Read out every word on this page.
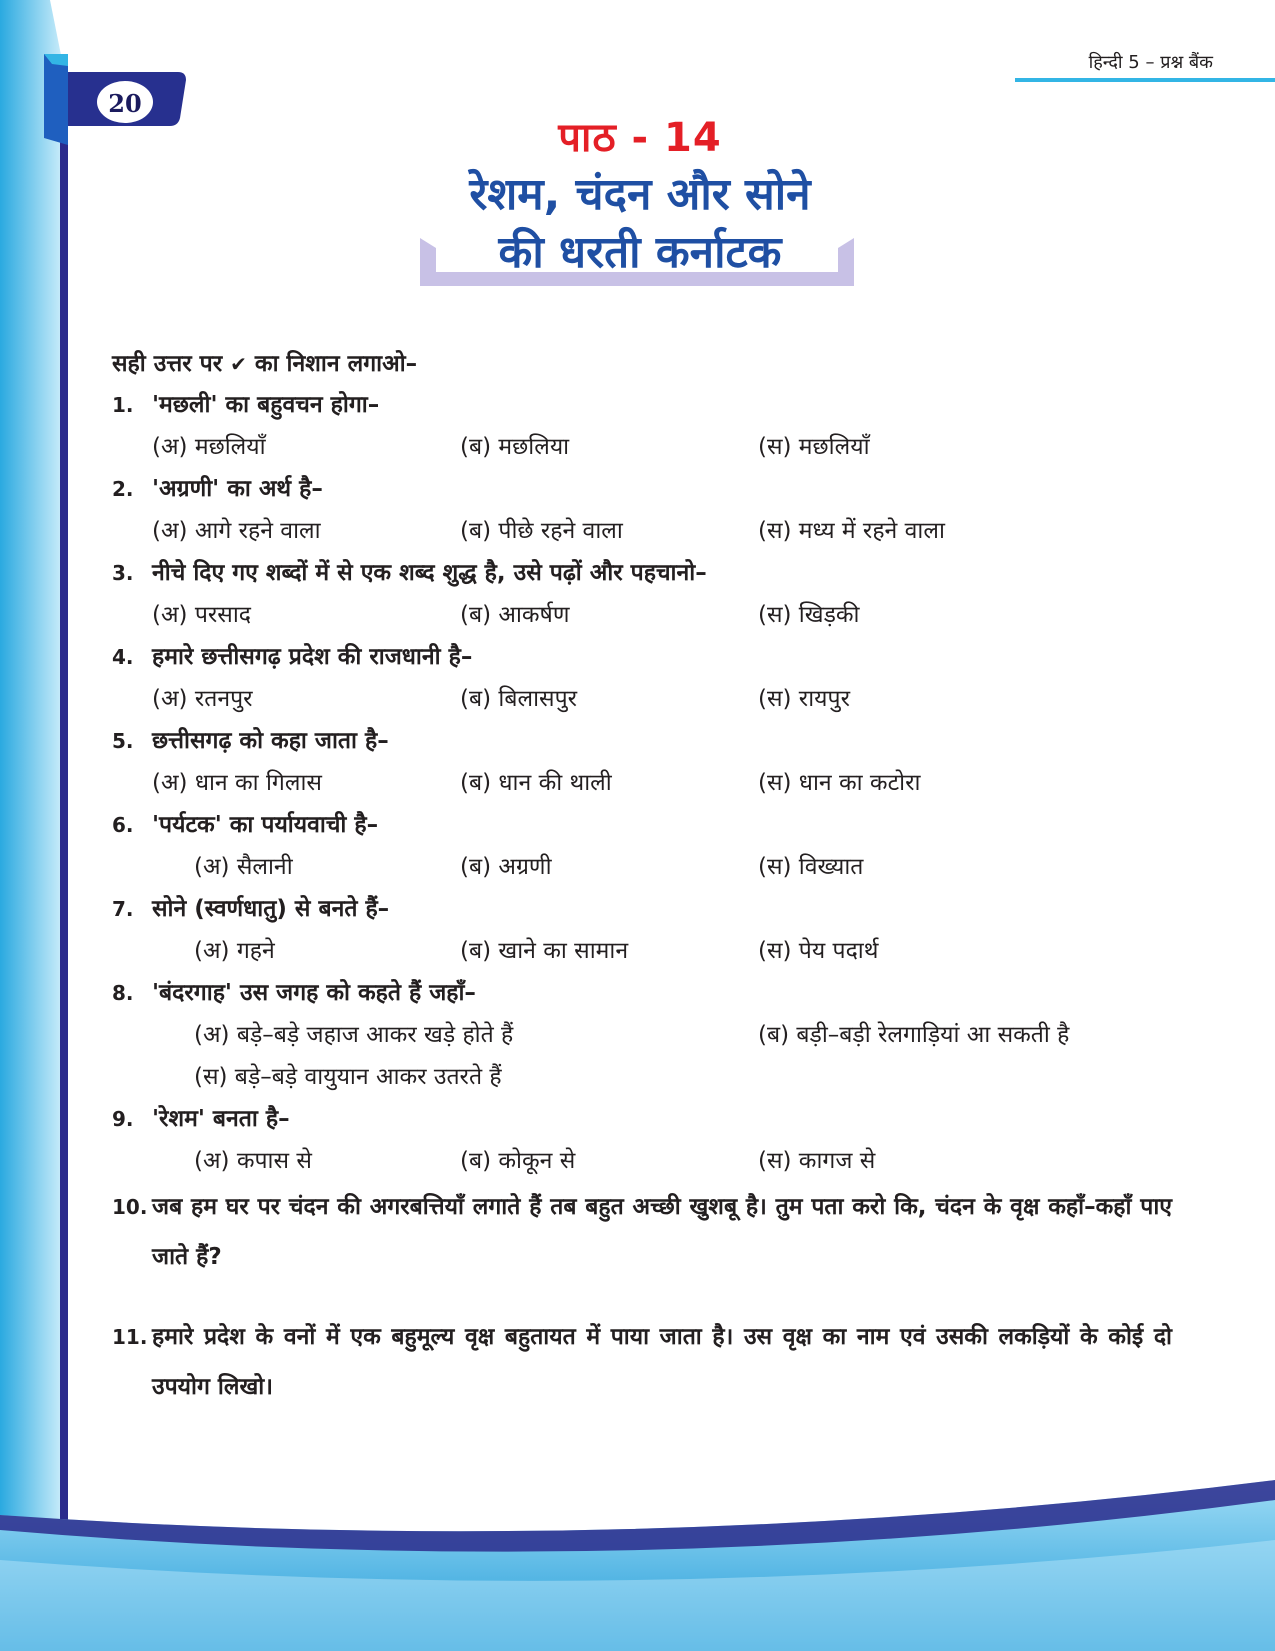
हिन्दी 5 – प्रश्न बैंक
20
पाठ - 14
रेशम, चंदन और सोने
की धरती कर्नाटक
सही उत्तर पर ✔ का निशान लगाओ–
1. 'मछली' का बहुवचन होगा–
(अ) मछलियाँ	(ब) मछलिया	(स) मछलियाँ
2. 'अग्रणी' का अर्थ है–
(अ) आगे रहने वाला	(ब) पीछे रहने वाला	(स) मध्य में रहने वाला
3. नीचे दिए गए शब्दों में से एक शब्द शुद्ध है, उसे पढ़ों और पहचानो–
(अ) परसाद	(ब) आकर्षण	(स) खिड़की
4. हमारे छत्तीसगढ़ प्रदेश की राजधानी है–
(अ) रतनपुर	(ब) बिलासपुर	(स) रायपुर
5. छत्तीसगढ़ को कहा जाता है–
(अ) धान का गिलास	(ब) धान की थाली	(स) धान का कटोरा
6. 'पर्यटक' का पर्यायवाची है–
(अ) सैलानी	(ब) अग्रणी	(स) विख्यात
7. सोने (स्वर्णधातु) से बनते हैं–
(अ) गहने	(ब) खाने का सामान	(स) पेय पदार्थ
8. 'बंदरगाह' उस जगह को कहते हैं जहाँ–
(अ) बड़े–बड़े जहाज आकर खड़े होते हैं	(ब) बड़ी–बड़ी रेलगाड़ियां आ सकती है
(स) बड़े–बड़े वायुयान आकर उतरते हैं
9. 'रेशम' बनता है–
(अ) कपास से	(ब) कोकून से	(स) कागज से
10. जब हम घर पर चंदन की अगरबत्तियाँ लगाते हैं तब बहुत अच्छी खुशबू है। तुम पता करो कि, चंदन के वृक्ष कहाँ–कहाँ पाए जाते हैं?
11. हमारे प्रदेश के वनों में एक बहुमूल्य वृक्ष बहुतायत में पाया जाता है। उस वृक्ष का नाम एवं उसकी लकड़ियों के कोई दो उपयोग लिखो।
